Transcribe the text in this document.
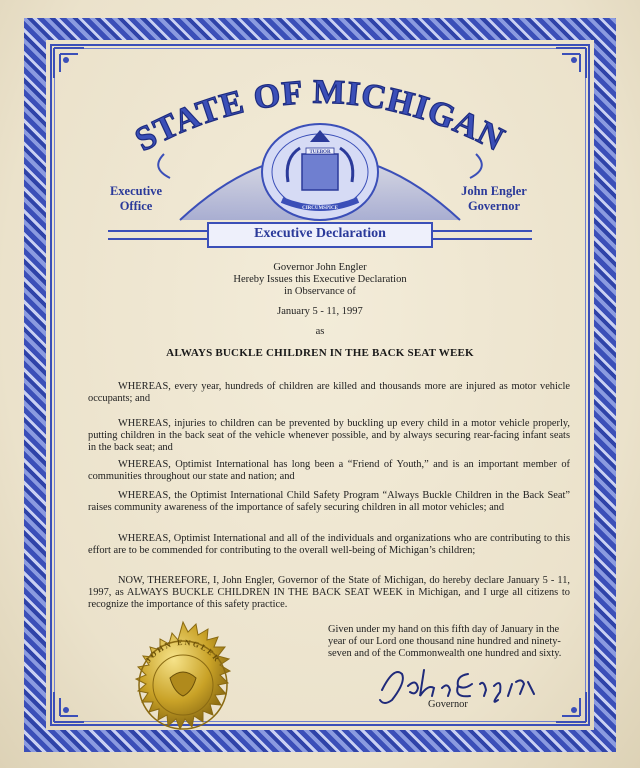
STATE OF MICHIGAN
TUEBOR
CIRCUMSPICE
Executive
Office
John Engler
Governor
Executive Declaration
Governor John Engler
Hereby Issues this Executive Declaration
in Observance of
January 5 - 11, 1997
as
ALWAYS BUCKLE CHILDREN IN THE BACK SEAT WEEK
WHEREAS, every year, hundreds of children are killed and thousands more are injured as motor vehicle occupants; and
WHEREAS, injuries to children can be prevented by buckling up every child in a motor vehicle properly, putting children in the back seat of the vehicle whenever possible, and by always securing rear-facing infant seats in the back seat; and
WHEREAS, Optimist International has long been a “Friend of Youth,” and is an important member of communities throughout our state and nation; and
WHEREAS, the Optimist International Child Safety Program “Always Buckle Children in the Back Seat” raises community awareness of the importance of safely securing children in all motor vehicles; and
WHEREAS, Optimist International and all of the individuals and organizations who are contributing to this effort are to be commended for contributing to the overall well-being of Michigan’s children;
NOW, THEREFORE, I, John Engler, Governor of the State of Michigan, do hereby declare January 5 - 11, 1997, as ALWAYS BUCKLE CHILDREN IN THE BACK SEAT WEEK in Michigan, and I urge all citizens to recognize the importance of this safety practice.
Given under my hand on this fifth day of January in the year of our Lord one thousand nine hundred and ninety-seven and of the Commonwealth one hundred and sixty.
Governor
JOHN ENGLER
